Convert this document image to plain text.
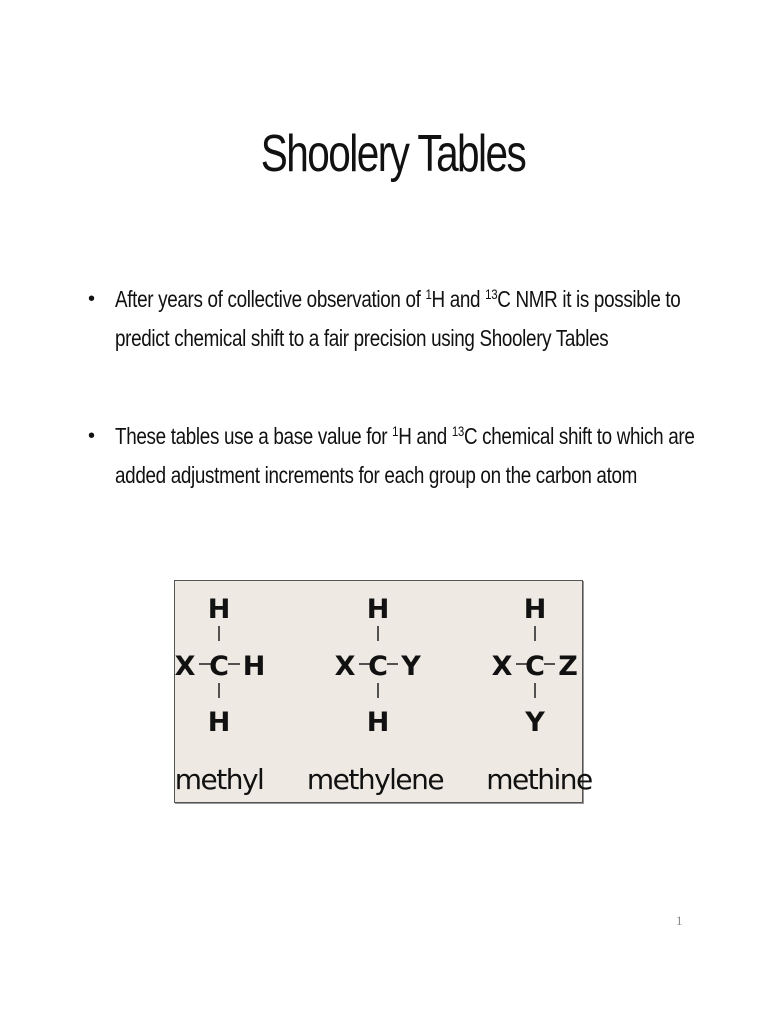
Shoolery Tables
• After years of collective observation of $^1$H and $^{13}$C NMR it is possible to
predict chemical shift to a fair precision using Shoolery Tables
• These tables use a base value for $^1$H and $^{13}$C chemical shift to which are
added adjustment increments for each group on the carbon atom
H
X C H
H
methyl
H
X C Y
H
methylene
H
X C Z
Y
methine
1
